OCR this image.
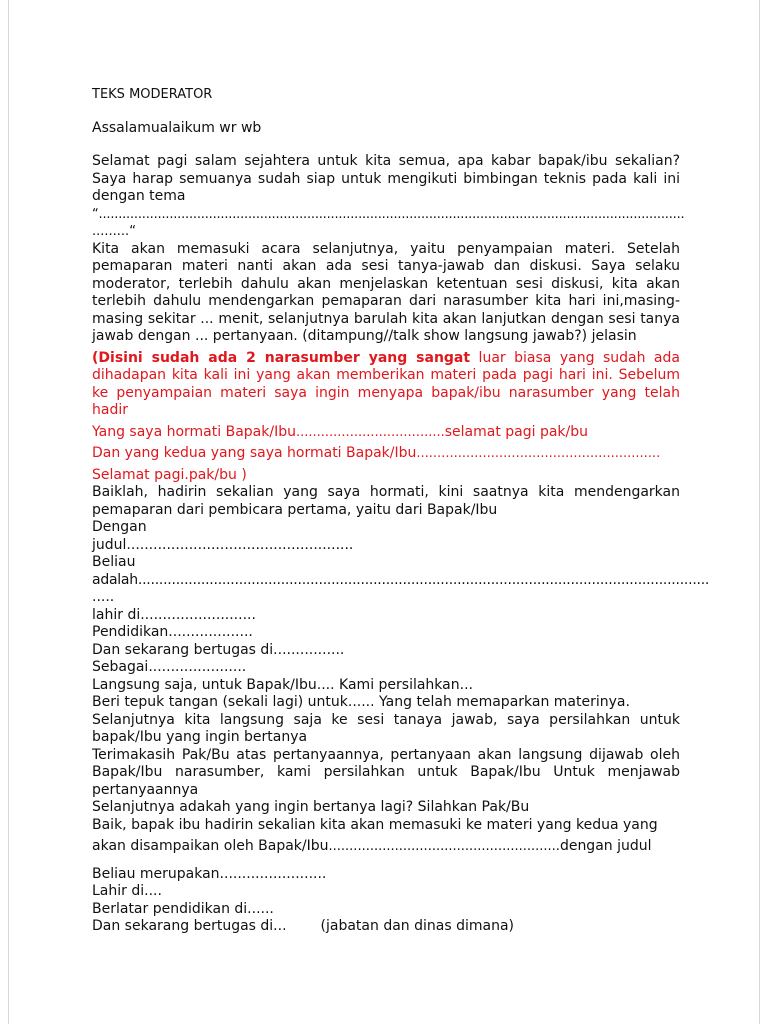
TEKS MODERATOR

Assalamualaikum wr wb

Selamat pagi salam sejahtera untuk kita semua, apa kabar bapak/ibu sekalian? Saya harap semuanya sudah siap untuk mengikuti bimbingan teknis pada kali ini dengan tema

“.....................................................................................................................................................

.........“

Kita akan memasuki acara selanjutnya, yaitu penyampaian materi. Setelah pemaparan materi nanti akan ada sesi tanya-jawab dan diskusi. Saya selaku moderator, terlebih dahulu akan menjelaskan ketentuan sesi diskusi, kita akan terlebih dahulu mendengarkan pemaparan dari narasumber kita hari ini,masing-masing sekitar ... menit, selanjutnya barulah kita akan lanjutkan dengan sesi tanya jawab dengan ... pertanyaan. (ditampung//talk show langsung jawab?) jelasin

(Disini sudah ada 2 narasumber yang sangat luar biasa yang sudah ada dihadapan kita kali ini yang akan memberikan materi pada pagi hari ini. Sebelum ke penyampaian materi saya ingin menyapa bapak/ibu narasumber yang telah hadir

Yang saya hormati Bapak/Ibu....................................selamat pagi pak/bu

Dan yang kedua yang saya hormati Bapak/Ibu...........................................................

Selamat pagi.pak/bu )

Baiklah, hadirin sekalian yang saya hormati, kini saatnya kita mendengarkan pemaparan dari pembicara pertama, yaitu dari Bapak/Ibu

Dengan

judul...................................................

Beliau

adalah........................................................................................................................................

.....

lahir di..........................

Pendidikan...................

Dan sekarang bertugas di................

Sebagai......................

Langsung saja, untuk Bapak/Ibu.... Kami persilahkan...

Beri tepuk tangan (sekali lagi) untuk...... Yang telah memaparkan materinya.

Selanjutnya kita langsung saja ke sesi tanaya jawab, saya persilahkan untuk bapak/Ibu yang ingin bertanya

Terimakasih Pak/Bu atas pertanyaannya, pertanyaan akan langsung dijawab oleh Bapak/Ibu narasumber, kami persilahkan untuk Bapak/Ibu Untuk menjawab pertanyaannya

Selanjutnya adakah yang ingin bertanya lagi? Silahkan Pak/Bu

Baik, bapak ibu hadirin sekalian kita akan memasuki ke materi yang kedua yang

akan disampaikan oleh Bapak/Ibu........................................................dengan judul

Beliau merupakan........................

Lahir di....

Berlatar pendidikan di......

Dan sekarang bertugas di... (jabatan dan dinas dimana)
